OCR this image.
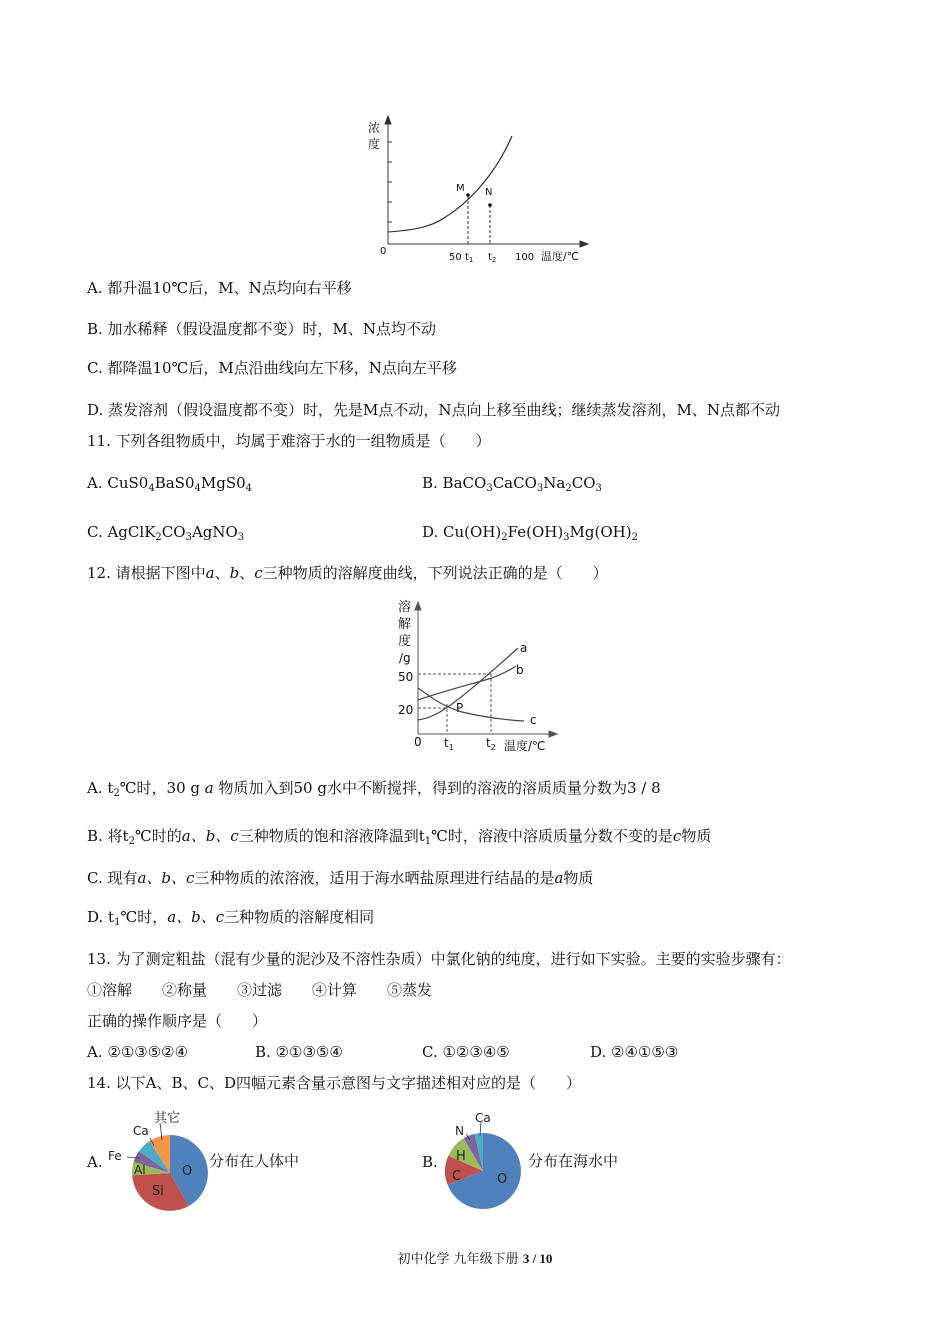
浓
度
0
50 $t_1$ $t_2$ 100 温度/℃
M N
A. 都升温10℃后，M、N点均向右平移
B. 加水稀释（假设温度都不变）时，M、N点均不动
C. 都降温10℃后，M点沿曲线向左下移，N点向左平移
D. 蒸发溶剂（假设温度都不变）时，先是M点不动，N点向上移至曲线；继续蒸发溶剂，M、N点都不动
11. 下列各组物质中，均属于难溶于水的一组物质是（　　）
A. $CuS0_4BaS0_4MgS0_4$	B. $BaCO_3CaCO_3Na_2CO_3$
C. $AgClK_2CO_3AgNO_3$	D. $Cu(OH)_2Fe(OH)_3Mg(OH)_2$
12. 请根据下图中a、b、c三种物质的溶解度曲线，下列说法正确的是（　　）
溶
解
度
/g
50
20
0 $t_1$	$t_2$ 温度/℃
a
b
c
P
A. $t_2℃$时，30 g a 物质加入到50 g水中不断搅拌，得到的溶液的溶质质量分数为3 / 8
B. 将$t_2℃$时的a、b、c三种物质的饱和溶液降温到$t_1℃$时，溶液中溶质质量分数不变的是c物质
C. 现有a、b、c三种物质的浓溶液，适用于海水晒盐原理进行结晶的是a物质
D. $t_1℃$时，a、b、c三种物质的溶解度相同
13. 为了测定粗盐（混有少量的泥沙及不溶性杂质）中氯化钠的纯度，进行如下实验。主要的实验步骤有：
①溶解　　②称量　　③过滤　　④计算　　⑤蒸发
正确的操作顺序是（　　）
A. ②①③⑤②④	B. ②①③⑤④	C. ①②③④⑤	D. ②④①⑤③
14. 以下A、B、C、D四幅元素含量示意图与文字描述相对应的是（　　）
A.	分布在人体中	B.	分布在海水中
O
Si
Al
Fe
Ca
其它
O
C
H
N
Ca
初中化学 九年级下册 3 / 10
